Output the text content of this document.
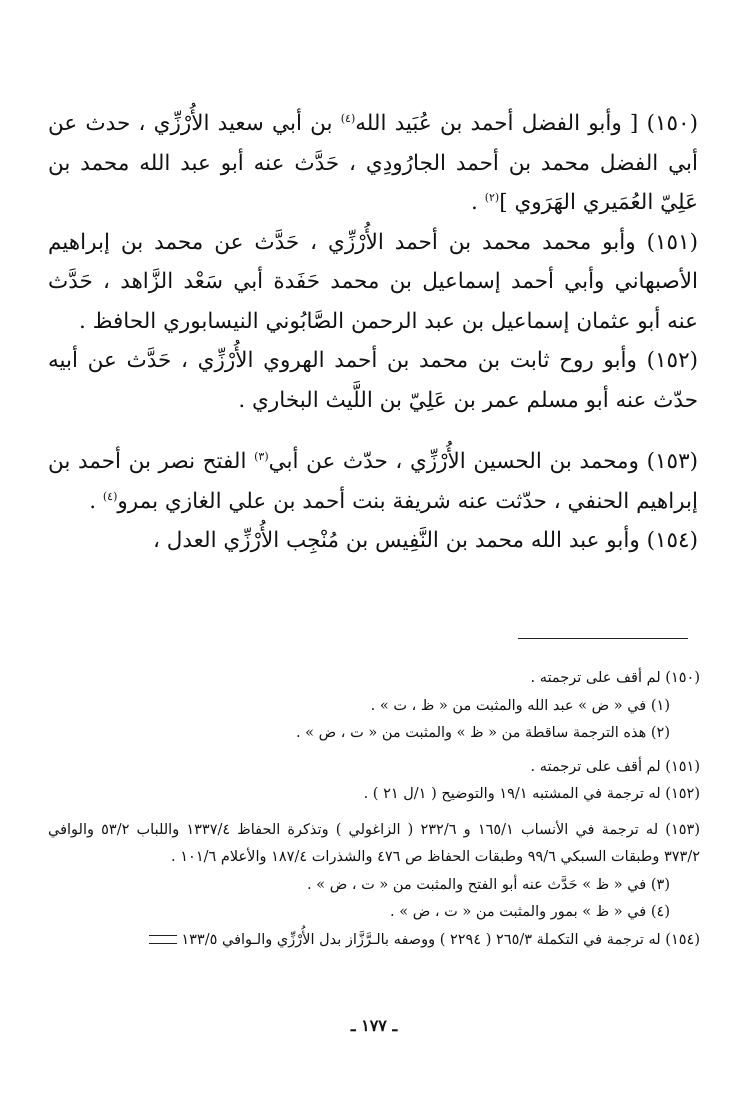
(١٥٠) [ وأبو الفضل أحمد بن عُبَيد الله$^{(٤)}$ بن أبي سعيد الأُرْزِّي ، حدث عن أبي الفضل محمد بن أحمد الجارُودِي ، حَدَّث عنه أبو عبد الله محمد بن عَلِيّ العُمَيري الهَرَوي ]$^{(٢)}$ .

(١٥١) وأبو محمد محمد بن أحمد الأُرْزِّي ، حَدَّث عن محمد بن إبراهيم الأصبهاني وأبي أحمد إسماعيل بن محمد حَفَدة أبي سَعْد الزَّاهد ، حَدَّث عنه أبو عثمان إسماعيل بن عبد الرحمن الصَّابُوني النيسابوري الحافظ .

(١٥٢) وأبو روح ثابت بن محمد بن أحمد الهروي الأُرْزِّي ، حَدَّث عن أبيه حدّث عنه أبو مسلم عمر بن عَلِيّ بن اللَّيث البخاري .

(١٥٣) ومحمد بن الحسين الأُرْزِّي ، حدّث عن أبي$^{(٣)}$ الفتح نصر بن أحمد بن إبراهيم الحنفي ، حدّثت عنه شريفة بنت أحمد بن علي الغازي بمرو$^{(٤)}$ .

(١٥٤) وأبو عبد الله محمد بن النَّفِيس بن مُنْجِب الأُرْزِّي العدل ،

(١٥٠) لم أقف على ترجمته .

(١) في « ض » عبد الله والمثبت من « ظ ، ت » .

(٢) هذه الترجمة ساقطة من « ظ » والمثبت من « ت ، ض » .

(١٥١) لم أقف على ترجمته .

(١٥٢) له ترجمة في المشتبه ١٩/١ والتوضيح ( ١/ل ٢١ ) .

(١٥٣) له ترجمة في الأنساب ١٦٥/١ و ٢٣٢/٦ ( الزاغولي ) وتذكرة الحفاظ ١٣٣٧/٤ واللباب ٥٣/٢ والوافي ٣٧٣/٢ وطبقات السبكي ٩٩/٦ وطبقات الحفاظ ص ٤٧٦ والشذرات ١٨٧/٤ والأعلام ١٠١/٦ .

(٣) في « ظ » حَدَّث عنه أبو الفتح والمثبت من « ت ، ض » .

(٤) في « ظ » بمور والمثبت من « ت ، ض » .

(١٥٤) له ترجمة في التكملة ٢٦٥/٣ ( ٢٢٩٤ ) ووصفه بالـرَّزَّاز بدل الأُرْزِّي والـوافي ١٣٣/٥

ـ ١٧٧ ـ
